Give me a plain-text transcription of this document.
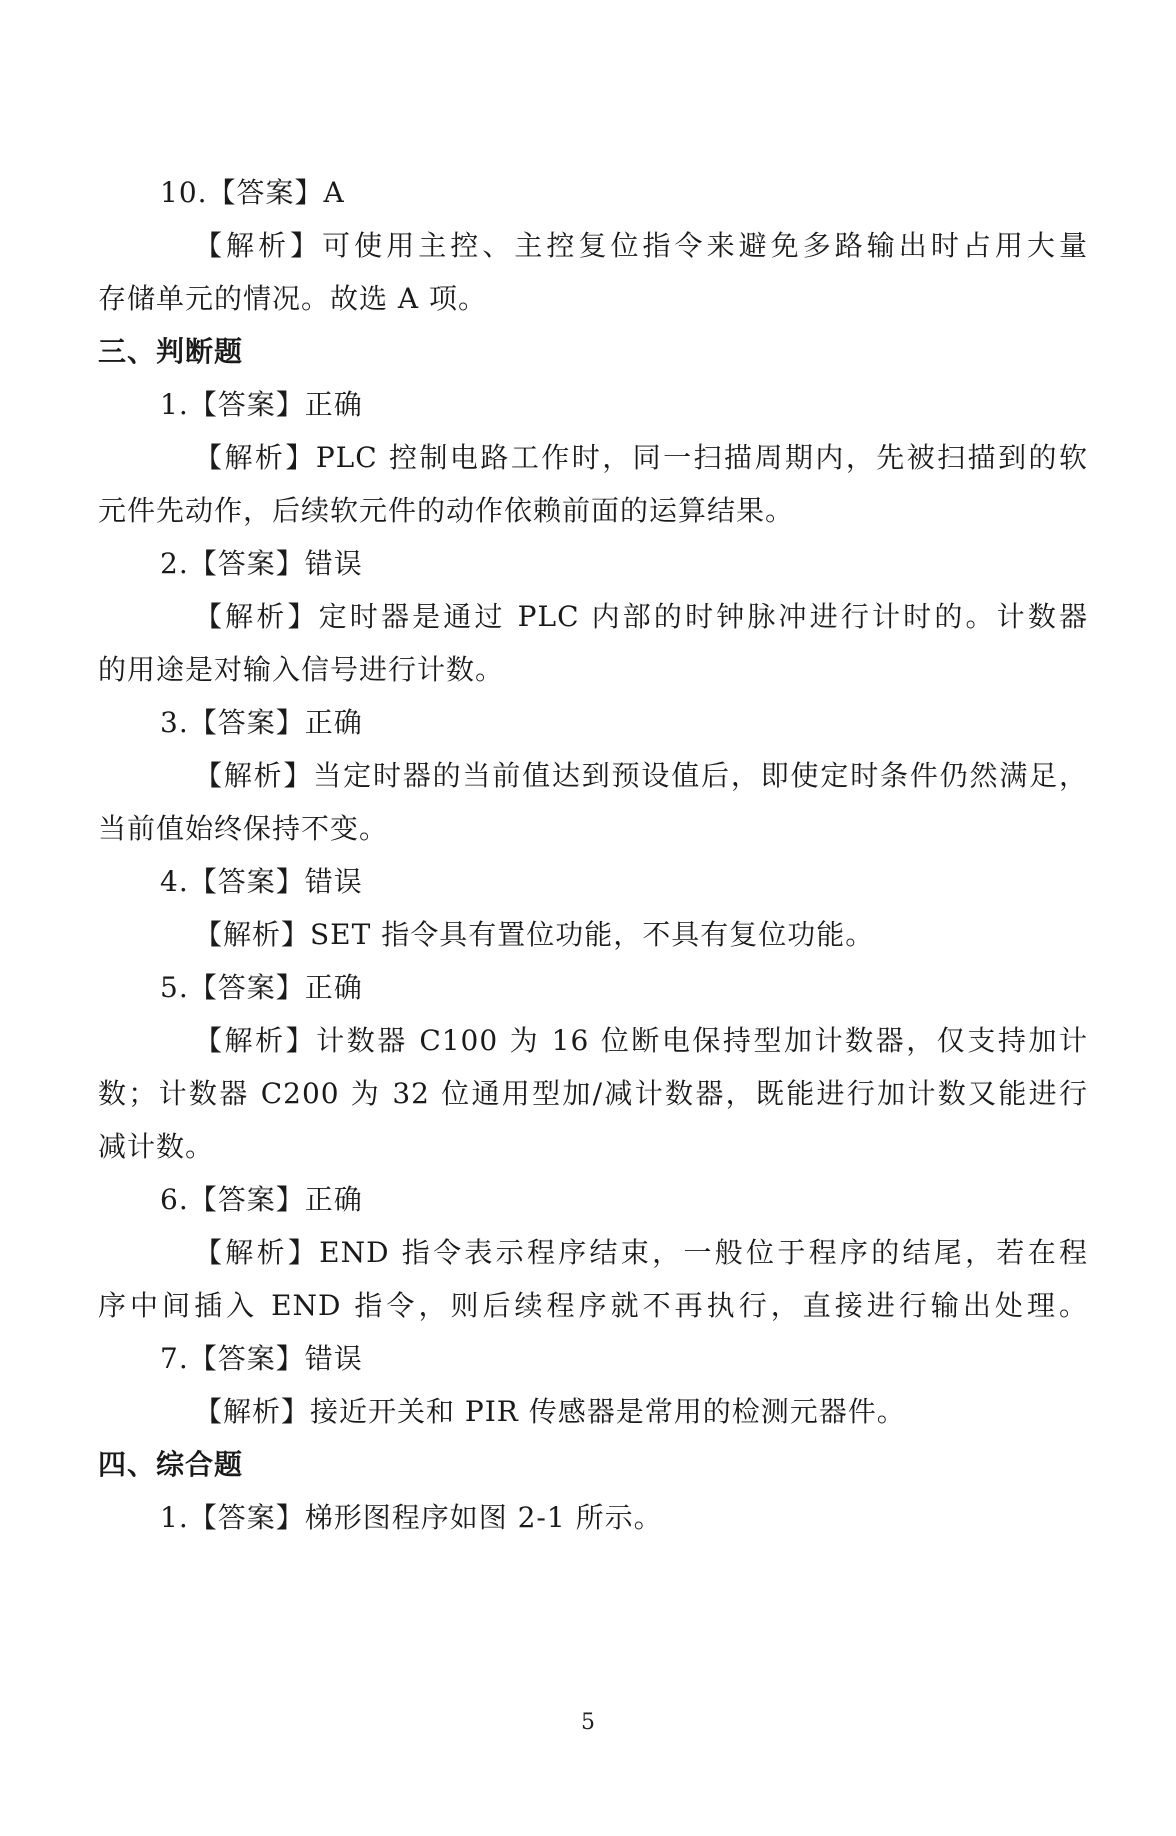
10.【答案】A
【解析】可使用主控、主控复位指令来避免多路输出时占用大量
存储单元的情况。故选 A 项。
三、判断题
1.【答案】正确
【解析】PLC 控制电路工作时，同一扫描周期内，先被扫描到的软
元件先动作，后续软元件的动作依赖前面的运算结果。
2.【答案】错误
【解析】定时器是通过 PLC 内部的时钟脉冲进行计时的。计数器
的用途是对输入信号进行计数。
3.【答案】正确
【解析】当定时器的当前值达到预设值后，即使定时条件仍然满足，
当前值始终保持不变。
4.【答案】错误
【解析】SET 指令具有置位功能，不具有复位功能。
5.【答案】正确
【解析】计数器 C100 为 16 位断电保持型加计数器，仅支持加计
数；计数器 C200 为 32 位通用型加/减计数器，既能进行加计数又能进行
减计数。
6.【答案】正确
【解析】END 指令表示程序结束，一般位于程序的结尾，若在程
序中间插入 END 指令，则后续程序就不再执行，直接进行输出处理。
7.【答案】错误
【解析】接近开关和 PIR 传感器是常用的检测元器件。
四、综合题
1.【答案】梯形图程序如图 2-1 所示。
5
